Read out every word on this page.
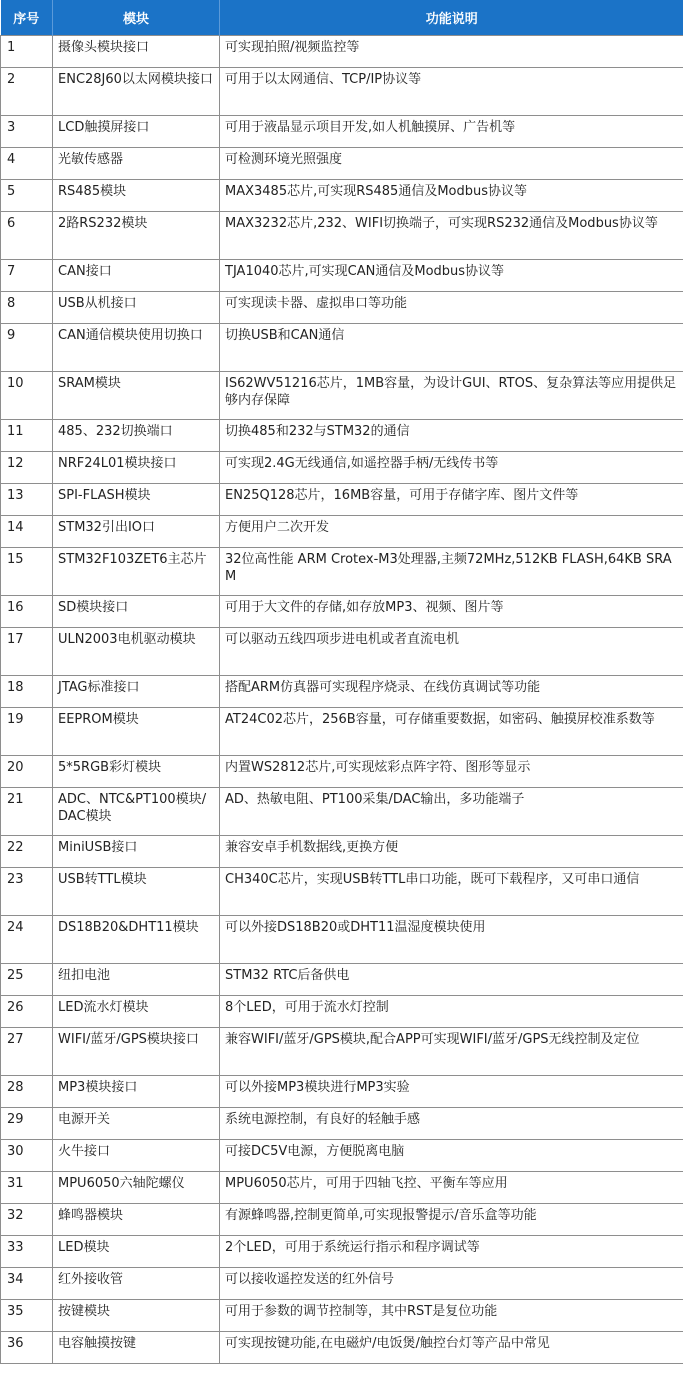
序号	模块	功能说明
1	摄像头模块接口	可实现拍照/视频监控等
2	ENC28J60以太网模块接口	可用于以太网通信、TCP/IP协议等
3	LCD触摸屏接口	可用于液晶显示项目开发,如人机触摸屏、广告机等
4	光敏传感器	可检测环境光照强度
5	RS485模块	MAX3485芯片,可实现RS485通信及Modbus协议等
6	2路RS232模块	MAX3232芯片,232、WIFI切换端子，可实现RS232通信及Modbus协议等
7	CAN接口	TJA1040芯片,可实现CAN通信及Modbus协议等
8	USB从机接口	可实现读卡器、虚拟串口等功能
9	CAN通信模块使用切换口	切换USB和CAN通信
10	SRAM模块	IS62WV51216芯片，1MB容量，为设计GUI、RTOS、复杂算法等应用提供足够内存保障
11	485、232切换端口	切换485和232与STM32的通信
12	NRF24L01模块接口	可实现2.4G无线通信,如遥控器手柄/无线传书等
13	SPI-FLASH模块	EN25Q128芯片，16MB容量，可用于存储字库、图片文件等
14	STM32引出IO口	方便用户二次开发
15	STM32F103ZET6主芯片	32位高性能 ARM Crotex-M3处理器,主频72MHz,512KB FLASH,64KB SRAM
16	SD模块接口	可用于大文件的存储,如存放MP3、视频、图片等
17	ULN2003电机驱动模块	可以驱动五线四项步进电机或者直流电机
18	JTAG标准接口	搭配ARM仿真器可实现程序烧录、在线仿真调试等功能
19	EEPROM模块	AT24C02芯片，256B容量，可存储重要数据，如密码、触摸屏校准系数等
20	5*5RGB彩灯模块	内置WS2812芯片,可实现炫彩点阵字符、图形等显示
21	ADC、NTC&PT100模块/DAC模块	AD、热敏电阻、PT100采集/DAC输出，多功能端子
22	MiniUSB接口	兼容安卓手机数据线,更换方便
23	USB转TTL模块	CH340C芯片，实现USB转TTL串口功能，既可下载程序，又可串口通信
24	DS18B20&DHT11模块	可以外接DS18B20或DHT11温湿度模块使用
25	纽扣电池	STM32 RTC后备供电
26	LED流水灯模块	8个LED，可用于流水灯控制
27	WIFI/蓝牙/GPS模块接口	兼容WIFI/蓝牙/GPS模块,配合APP可实现WIFI/蓝牙/GPS无线控制及定位
28	MP3模块接口	可以外接MP3模块进行MP3实验
29	电源开关	系统电源控制，有良好的轻触手感
30	火牛接口	可接DC5V电源，方便脱离电脑
31	MPU6050六轴陀螺仪	MPU6050芯片，可用于四轴飞控、平衡车等应用
32	蜂鸣器模块	有源蜂鸣器,控制更简单,可实现报警提示/音乐盒等功能
33	LED模块	2个LED，可用于系统运行指示和程序调试等
34	红外接收管	可以接收遥控发送的红外信号
35	按键模块	可用于参数的调节控制等，其中RST是复位功能
36	电容触摸按键	可实现按键功能,在电磁炉/电饭煲/触控台灯等产品中常见
